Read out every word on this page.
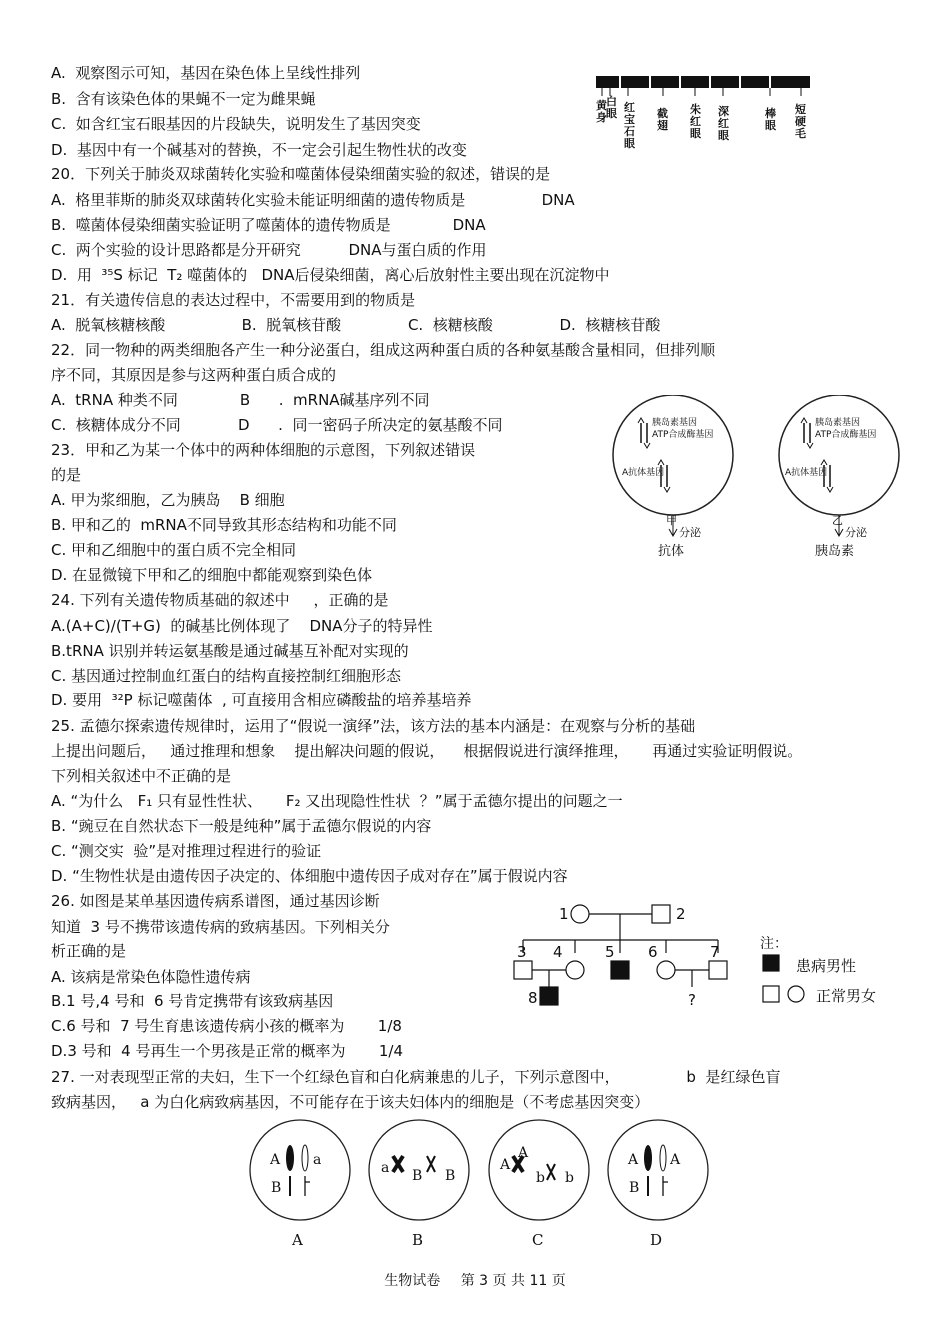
A.  观察图示可知，基因在染色体上呈线性排列
B.  含有该染色体的果蝇不一定为雌果蝇
C.  如含红宝石眼基因的片段缺失，说明发生了基因突变
D.  基因中有一个碱基对的替换，不一定会引起生物性状的改变
20．下列关于肺炎双球菌转化实验和噬菌体侵染细菌实验的叙述，错误的是
A.  格里菲斯的肺炎双球菌转化实验未能证明细菌的遗传物质是                DNA
B.  噬菌体侵染细菌实验证明了噬菌体的遗传物质是             DNA
C.  两个实验的设计思路都是分开研究          DNA与蛋白质的作用
D.  用  ³⁵S 标记  T₂ 噬菌体的   DNA后侵染细菌，离心后放射性主要出现在沉淀物中
21．有关遗传信息的表达过程中，不需要用到的物质是
A.  脱氧核糖核酸                B.  脱氧核苷酸              C.  核糖核酸              D.  核糖核苷酸
22．同一物种的两类细胞各产生一种分泌蛋白，组成这两种蛋白质的各种氨基酸含量相同，但排列顺
序不同，其原因是参与这两种蛋白质合成的
A.  tRNA 种类不同             B      .  mRNA碱基序列不同
C.  核糖体成分不同            D      .  同一密码子所决定的氨基酸不同
23．甲和乙为某一个体中的两种体细胞的示意图，下列叙述错误
的是
A. 甲为浆细胞，乙为胰岛    B 细胞
B. 甲和乙的  mRNA不同导致其形态结构和功能不同
C. 甲和乙细胞中的蛋白质不完全相同
D. 在显微镜下甲和乙的细胞中都能观察到染色体
24. 下列有关遗传物质基础的叙述中     ，正确的是
A.(A+C)/(T+G)  的碱基比例体现了    DNA分子的特异性
B.tRNA 识别并转运氨基酸是通过碱基互补配对实现的
C. 基因通过控制血红蛋白的结构直接控制红细胞形态
D. 要用  ³²P 标记噬菌体  , 可直接用含相应磷酸盐的培养基培养
25. 孟德尔探索遗传规律时，运用了“假说一演绎”法，该方法的基本内涵是：在观察与分析的基础
上提出问题后，   通过推理和想象    提出解决问题的假说，    根据假说进行演绎推理，     再通过实验证明假说。
下列相关叙述中不正确的是
A. “为什么   F₁ 只有显性性状、     F₂ 又出现隐性性状  ？”属于孟德尔提出的问题之一
B. “豌豆在自然状态下一般是纯种”属于孟德尔假说的内容
C. “测交实  验”是对推理过程进行的验证
D. “生物性状是由遗传因子决定的、体细胞中遗传因子成对存在”属于假说内容
26. 如图是某单基因遗传病系谱图，通过基因诊断
知道  3 号不携带该遗传病的致病基因。下列相关分
析正确的是
A. 该病是常染色体隐性遗传病
B.1 号,4 号和  6 号肯定携带有该致病基因
C.6 号和  7 号生育患该遗传病小孩的概率为       1/8
D.3 号和  4 号再生一个男孩是正常的概率为       1/4
27. 一对表现型正常的夫妇，生下一个红绿色盲和白化病兼患的儿子，下列示意图中，              b  是红绿色盲
致病基因，   a 为白化病致病基因，不可能存在于该夫妇体内的细胞是（不考虑基因突变）
黄身
白眼 红宝石眼
截翅
朱红眼
深红眼
棒眼
短硬毛
胰岛素基因
ATP合成酶基因
A抗体基因
甲
分泌
抗体
胰岛素基因
ATP合成酶基因
A抗体基因
乙
分泌
胰岛素
1	2
3 4	5 6	7
8	?
注：
患病男性
正常男女
A a
B
a B B
A
A
b b
A A
B
A	B	C	D
生物试卷 第 3 页 共 11 页
